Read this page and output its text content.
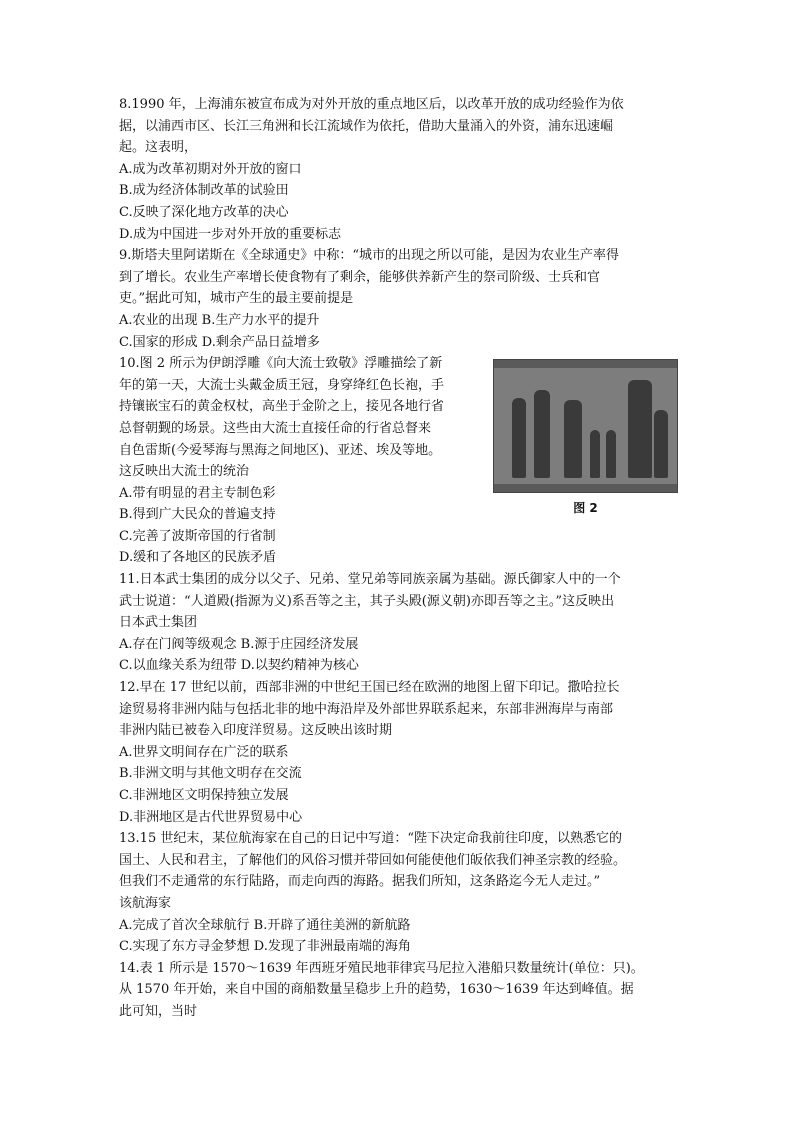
8.1990 年，上海浦东被宣布成为对外开放的重点地区后，以改革开放的成功经验作为依
据，以浦西市区、长江三角洲和长江流域作为依托，借助大量涌入的外资，浦东迅速崛
起。这表明，
A.成为改革初期对外开放的窗口
B.成为经济体制改革的试验田
C.反映了深化地方改革的决心
D.成为中国进一步对外开放的重要标志
9.斯塔夫里阿诺斯在《全球通史》中称：“城市的出现之所以可能，是因为农业生产率得
到了增长。农业生产率增长使食物有了剩余，能够供养新产生的祭司阶级、士兵和官
吏。”据此可知，城市产生的最主要前提是
A.农业的出现 B.生产力水平的提升
C.国家的形成 D.剩余产品日益增多
10.图 2 所示为伊朗浮雕《向大流士致敬》浮雕描绘了新
年的第一天，大流士头戴金质王冠，身穿绛红色长袍，手
持镶嵌宝石的黄金权杖，高坐于金阶之上，接见各地行省
总督朝觐的场景。这些由大流士直接任命的行省总督来
自色雷斯(今爱琴海与黑海之间地区)、亚述、埃及等地。
这反映出大流士的统治
A.带有明显的君主专制色彩
B.得到广大民众的普遍支持
C.完善了波斯帝国的行省制
D.缓和了各地区的民族矛盾
图 2
11.日本武士集团的成分以父子、兄弟、堂兄弟等同族亲属为基础。源氏御家人中的一个
武士说道：“人道殿(指源为义)系吾等之主，其子头殿(源义朝)亦即吾等之主。”这反映出
日本武士集团
A.存在门阀等级观念 B.源于庄园经济发展
C.以血缘关系为纽带 D.以契约精神为核心
12.早在 17 世纪以前，西部非洲的中世纪王国已经在欧洲的地图上留下印记。撒哈拉长
途贸易将非洲内陆与包括北非的地中海沿岸及外部世界联系起来，东部非洲海岸与南部
非洲内陆已被卷入印度洋贸易。这反映出该时期
A.世界文明间存在广泛的联系
B.非洲文明与其他文明存在交流
C.非洲地区文明保持独立发展
D.非洲地区是古代世界贸易中心
13.15 世纪末，某位航海家在自己的日记中写道：“陛下决定命我前往印度，以熟悉它的
国土、人民和君主，了解他们的风俗习惯并带回如何能使他们皈依我们神圣宗教的经验。
但我们不走通常的东行陆路，而走向西的海路。据我们所知，这条路迄今无人走过。”
该航海家
A.完成了首次全球航行 B.开辟了通往美洲的新航路
C.实现了东方寻金梦想 D.发现了非洲最南端的海角
14.表 1 所示是 1570～1639 年西班牙殖民地菲律宾马尼拉入港船只数量统计(单位：只)。
从 1570 年开始，来自中国的商船数量呈稳步上升的趋势，1630～1639 年达到峰值。据
此可知，当时
